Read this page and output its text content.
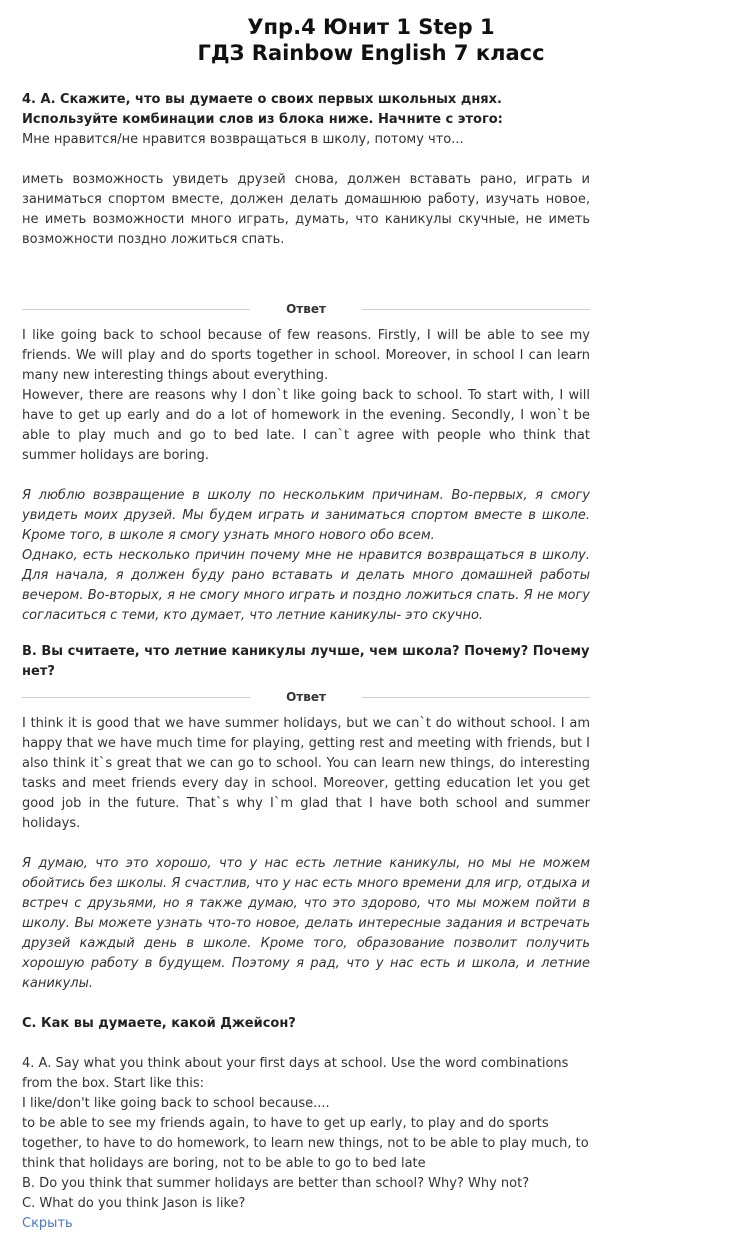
Упр.4 Юнит 1 Step 1
ГДЗ Rainbow English 7 класс

4. А. Скажите, что вы думаете о своих первых школьных днях. Используйте комбинации слов из блока ниже. Начните с этого:

Мне нравится/не нравится возвращаться в школу, потому что...

иметь возможность увидеть друзей снова, должен вставать рано, играть и заниматься спортом вместе, должен делать домашнюю работу, изучать новое, не иметь возможности много играть, думать, что каникулы скучные, не иметь возможности поздно ложиться спать.

Ответ

I like going back to school because of few reasons. Firstly, I will be able to see my friends. We will play and do sports together in school. Moreover, in school I can learn many new interesting things about everything.

However, there are reasons why I don`t like going back to school. To start with, I will have to get up early and do a lot of homework in the evening. Secondly, I won`t be able to play much and go to bed late. I can`t agree with people who think that summer holidays are boring.

Я люблю возвращение в школу по нескольким причинам. Во-первых, я смогу увидеть моих друзей. Мы будем играть и заниматься спортом вместе в школе. Кроме того, в школе я смогу узнать много нового обо всем.

Однако, есть несколько причин почему мне не нравится возвращаться в школу. Для начала, я должен буду рано вставать и делать много домашней работы вечером. Во-вторых, я не смогу много играть и поздно ложиться спать. Я не могу согласиться с теми, кто думает, что летние каникулы- это скучно.

В. Вы считаете, что летние каникулы лучше, чем школа? Почему? Почему нет?

Ответ

I think it is good that we have summer holidays, but we can`t do without school. I am happy that we have much time for playing, getting rest and meeting with friends, but I also think it`s great that we can go to school. You can learn new things, do interesting tasks and meet friends every day in school. Moreover, getting education let you get good job in the future. That`s why I`m glad that I have both school and summer holidays.

Я думаю, что это хорошо, что у нас есть летние каникулы, но мы не можем обойтись без школы. Я счастлив, что у нас есть много времени для игр, отдыха и встреч с друзьями, но я также думаю, что это здорово, что мы можем пойти в школу. Вы можете узнать что-то новое, делать интересные задания и встречать друзей каждый день в школе. Кроме того, образование позволит получить хорошую работу в будущем. Поэтому я рад, что у нас есть и школа, и летние каникулы.

С. Как вы думаете, какой Джейсон?

4. A. Say what you think about your first days at school. Use the word combinations from the box. Start like this:

I like/don't like going back to school because....

to be able to see my friends again, to have to get up early, to play and do sports together, to have to do homework, to learn new things, not to be able to play much, to think that holidays are boring, not to be able to go to bed late

B. Do you think that summer holidays are better than school? Why? Why not?

C. What do you think Jason is like?

Скрыть
